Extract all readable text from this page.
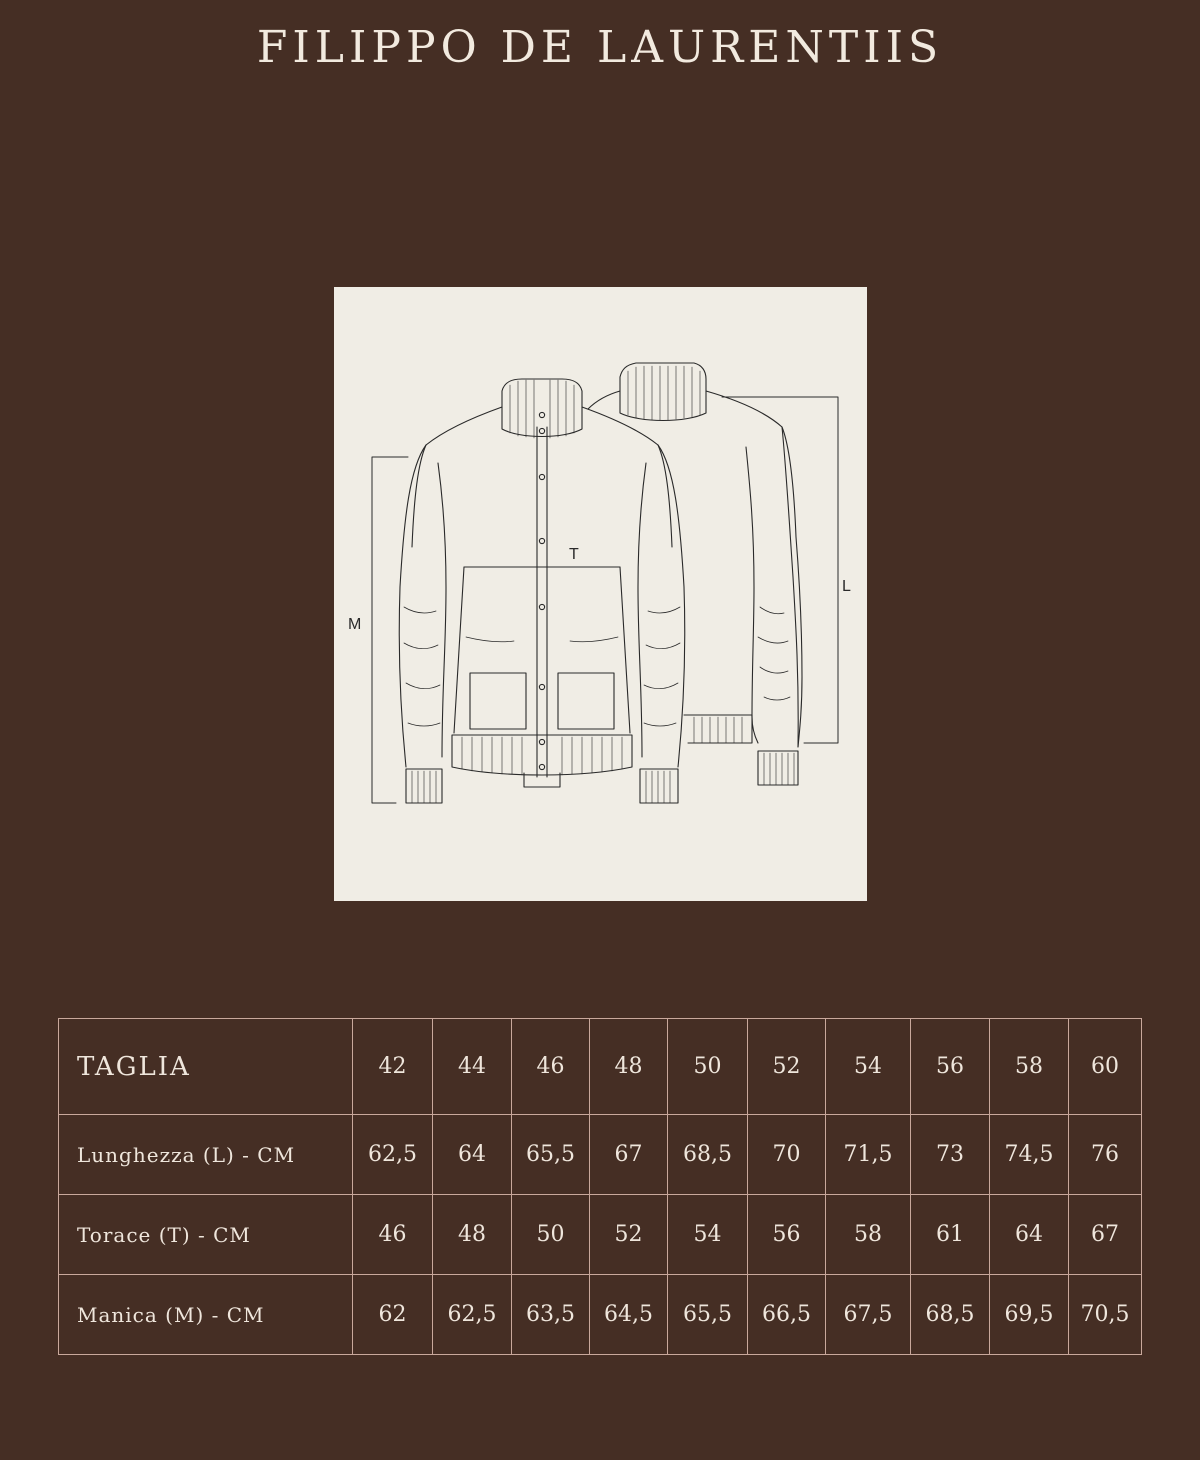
FILIPPO DE LAURENTIIS
M
T
L
TAGLIA	42	44	46	48	50	52	54	56	58	60
Lunghezza (L) - CM	62,5	64	65,5	67	68,5	70	71,5	73	74,5	76
Torace (T) - CM	46	48	50	52	54	56	58	61	64	67
Manica (M) - CM	62	62,5	63,5	64,5	65,5	66,5	67,5	68,5	69,5	70,5
